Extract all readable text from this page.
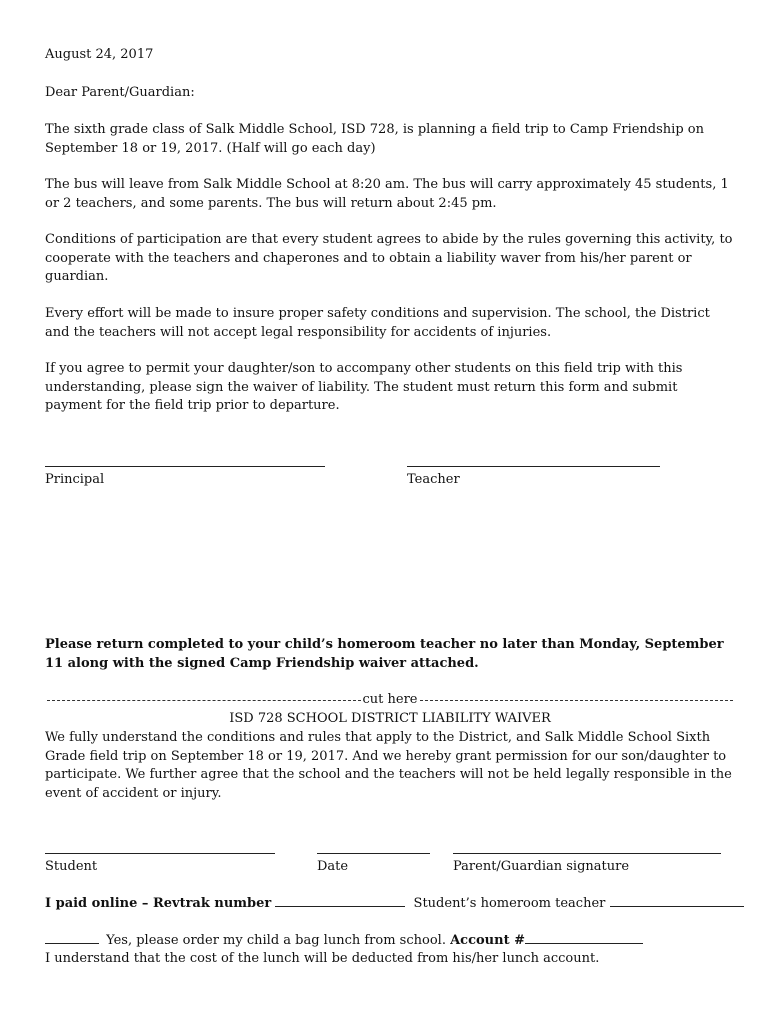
August 24, 2017

Dear Parent/Guardian:

The sixth grade class of Salk Middle School, ISD 728, is planning a field trip to Camp Friendship on September 18 or 19, 2017. (Half will go each day)

The bus will leave from Salk Middle School at 8:20 am. The bus will carry approximately 45 students, 1 or 2 teachers, and some parents. The bus will return about 2:45 pm.

Conditions of participation are that every student agrees to abide by the rules governing this activity, to cooperate with the teachers and chaperones and to obtain a liability waver from his/her parent or guardian.

Every effort will be made to insure proper safety conditions and supervision. The school, the District and the teachers will not accept legal responsibility for accidents of injuries.

If you agree to permit your daughter/son to accompany other students on this field trip with this understanding, please sign the waiver of liability. The student must return this form and submit payment for the field trip prior to departure.

Principal	Teacher

Please return completed to your child’s homeroom teacher no later than Monday, September 11 along with the signed Camp Friendship waiver attached.

cut here
ISD 728 SCHOOL DISTRICT LIABILITY WAIVER

We fully understand the conditions and rules that apply to the District, and Salk Middle School Sixth Grade field trip on September 18 or 19, 2017. And we hereby grant permission for our son/daughter to participate. We further agree that the school and the teachers will not be held legally responsible in the event of accident or injury.

Student	Date	Parent/Guardian signature

I paid online – Revtrak number	Student’s homeroom teacher
Yes, please order my child a bag lunch from school. Account #

I understand that the cost of the lunch will be deducted from his/her lunch account.
